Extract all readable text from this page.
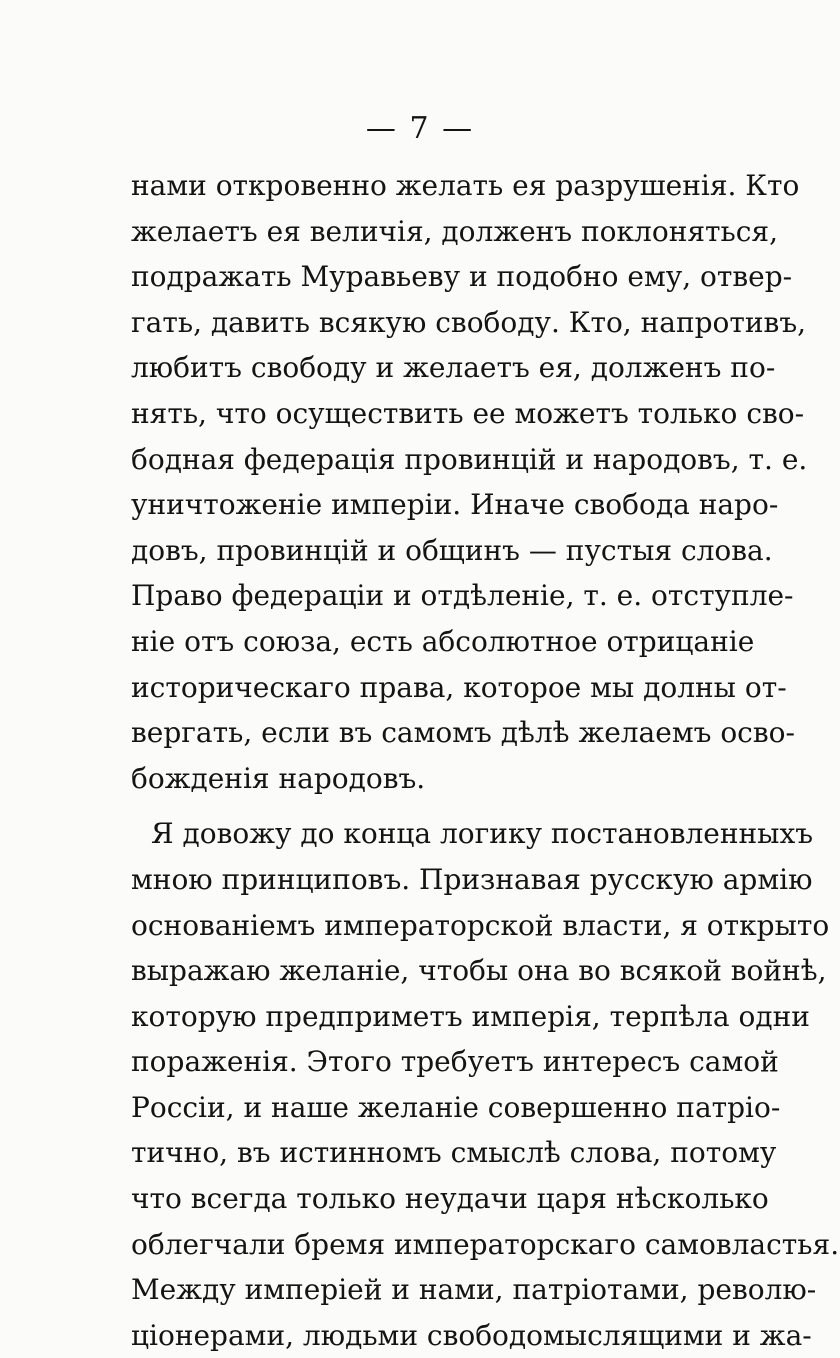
— 7 —
нами откровенно желать ея разрушенія. Кто
желаетъ ея величія, долженъ поклоняться,
подражать Муравьеву и подобно ему, отвер-
гать, давить всякую свободу. Кто, напротивъ,
любитъ свободу и желаетъ ея, долженъ по-
нять, что осуществить ее можетъ только сво-
бодная федерація провинцій и народовъ, т. е.
уничтоженіе имперіи. Иначе свобода наро-
довъ, провинцій и общинъ — пустыя слова.
Право федераціи и отдѣленіе, т. е. отступле-
ніе отъ союза, есть абсолютное отрицаніе
историческаго права, которое мы долны от-
вергать, если въ самомъ дѣлѣ желаемъ осво-
божденія народовъ.
Я довожу до конца логику постановленныхъ
мною принциповъ. Признавая русскую армію
основаніемъ императорской власти, я открыто
выражаю желаніе, чтобы она во всякой войнѣ,
которую предприметъ имперія, терпѣла одни
пораженія. Этого требуетъ интересъ самой
Россіи, и наше желаніе совершенно патріо-
тично, въ истинномъ смыслѣ слова, потому
что всегда только неудачи царя нѣсколько
облегчали бремя императорскаго самовластья.
Между имперіей и нами, патріотами, револю-
ціонерами, людьми свободомыслящими и жа-
